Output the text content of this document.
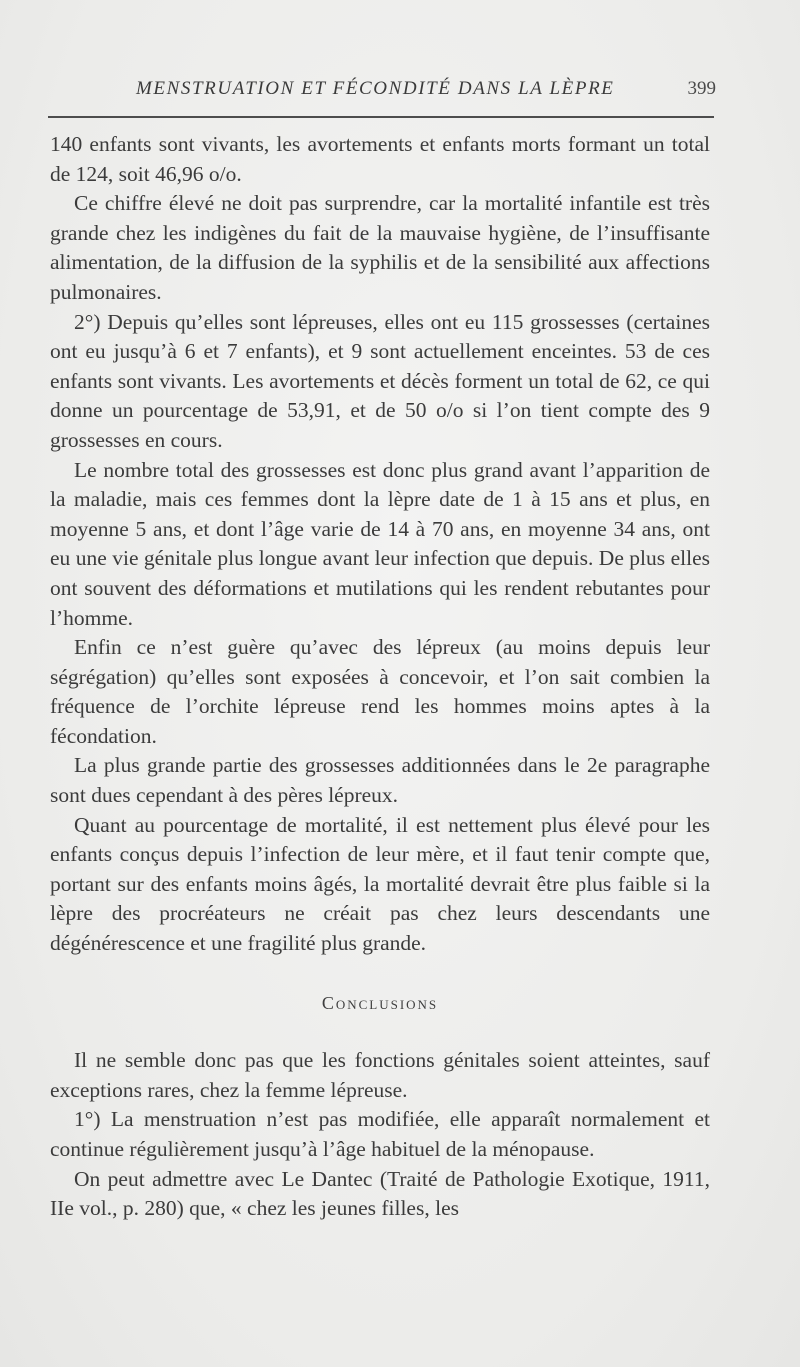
MENSTRUATION ET FÉCONDITÉ DANS LA LÈPRE	399

140 enfants sont vivants, les avortements et enfants morts formant un total de 124, soit 46,96 o/o.

Ce chiffre élevé ne doit pas surprendre, car la mortalité infantile est très grande chez les indigènes du fait de la mauvaise hygiène, de l’insuffisante alimentation, de la diffusion de la syphilis et de la sensibilité aux affections pulmonaires.

2°) Depuis qu’elles sont lépreuses, elles ont eu 115 grossesses (certaines ont eu jusqu’à 6 et 7 enfants), et 9 sont actuellement enceintes. 53 de ces enfants sont vivants. Les avortements et décès forment un total de 62, ce qui donne un pourcentage de 53,91, et de 50 o/o si l’on tient compte des 9 grossesses en cours.

Le nombre total des grossesses est donc plus grand avant l’apparition de la maladie, mais ces femmes dont la lèpre date de 1 à 15 ans et plus, en moyenne 5 ans, et dont l’âge varie de 14 à 70 ans, en moyenne 34 ans, ont eu une vie génitale plus longue avant leur infection que depuis. De plus elles ont souvent des déformations et mutilations qui les rendent rebutantes pour l’homme.

Enfin ce n’est guère qu’avec des lépreux (au moins depuis leur ségrégation) qu’elles sont exposées à concevoir, et l’on sait combien la fréquence de l’orchite lépreuse rend les hommes moins aptes à la fécondation.

La plus grande partie des grossesses additionnées dans le 2e paragraphe sont dues cependant à des pères lépreux.

Quant au pourcentage de mortalité, il est nettement plus élevé pour les enfants conçus depuis l’infection de leur mère, et il faut tenir compte que, portant sur des enfants moins âgés, la mortalité devrait être plus faible si la lèpre des procréateurs ne créait pas chez leurs descendants une dégénérescence et une fragilité plus grande.

Conclusions

Il ne semble donc pas que les fonctions génitales soient atteintes, sauf exceptions rares, chez la femme lépreuse.

1°) La menstruation n’est pas modifiée, elle apparaît normalement et continue régulièrement jusqu’à l’âge habituel de la ménopause.

On peut admettre avec Le Dantec (Traité de Pathologie Exotique, 1911, IIe vol., p. 280) que, « chez les jeunes filles, les
